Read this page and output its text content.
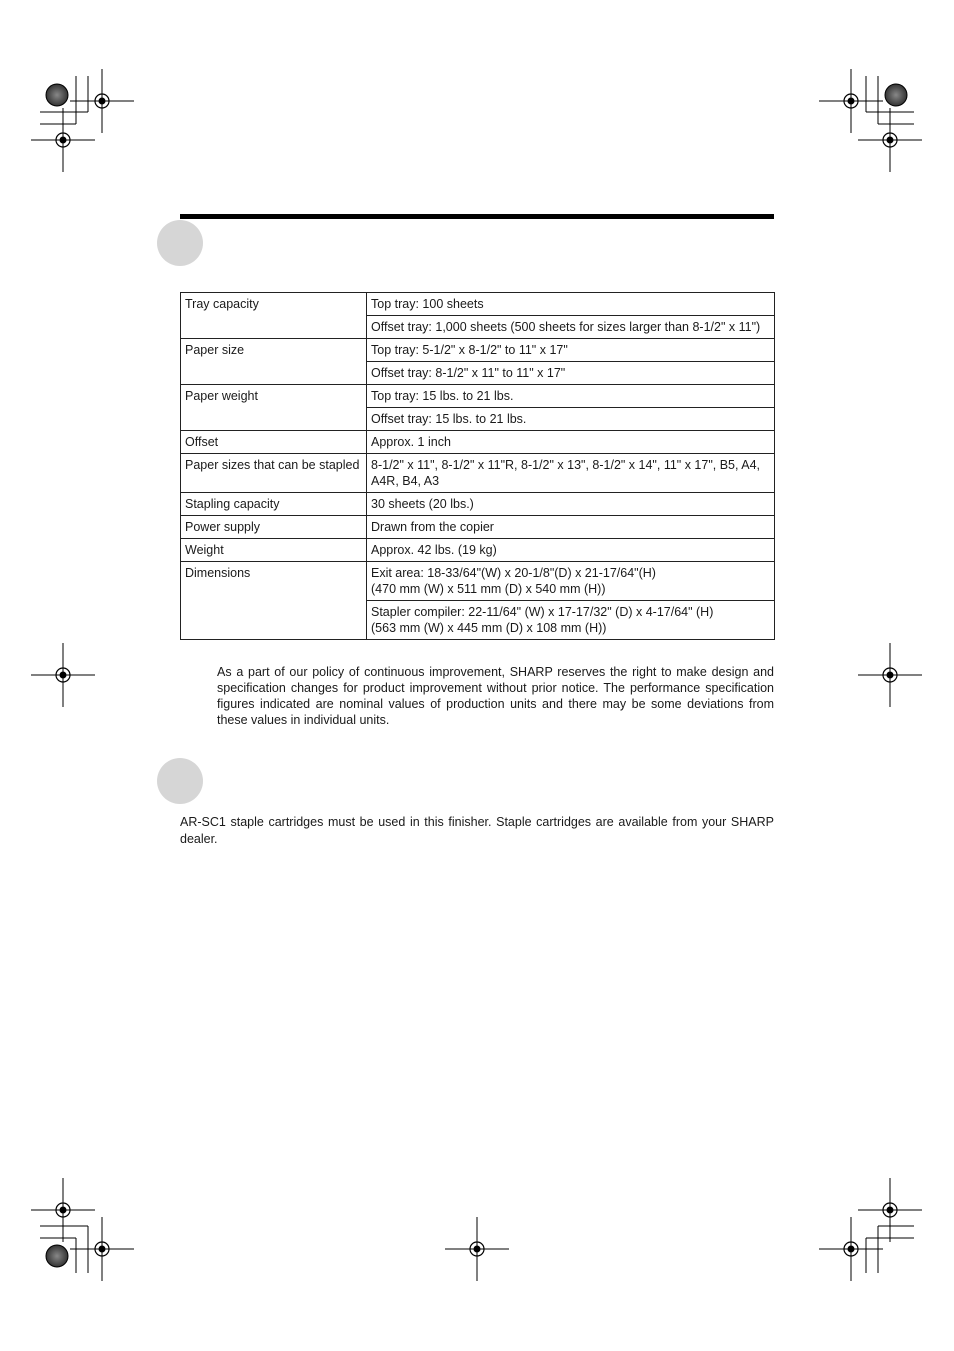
Tray capacity	Top tray: 100 sheets
	Offset tray: 1,000 sheets (500 sheets for sizes larger than 8-1/2" x 11")
Paper size	Top tray: 5-1/2" x 8-1/2" to 11" x 17"
	Offset tray: 8-1/2" x 11" to 11" x 17"
Paper weight	Top tray: 15 lbs. to 21 lbs.
	Offset tray: 15 lbs. to 21 lbs.
Offset	Approx. 1 inch
Paper sizes that can be stapled	8-1/2" x 11", 8-1/2" x 11"R, 8-1/2" x 13", 8-1/2" x 14", 11" x 17", B5, A4, A4R, B4, A3
Stapling capacity	30 sheets (20 lbs.)
Power supply	Drawn from the copier
Weight	Approx. 42 lbs. (19 kg)
Dimensions	Exit area: 18-33/64"(W) x 20-1/8"(D) x 21-17/64"(H)
(470 mm (W) x 511 mm (D) x 540 mm (H))
	Stapler compiler: 22-11/64" (W) x 17-17/32" (D) x 4-17/64" (H)
(563 mm (W) x 445 mm (D) x 108 mm (H))
As a part of our policy of continuous improvement, SHARP reserves the right to make design and specification changes for product improvement without prior notice. The performance specification figures indicated are nominal values of production units and there may be some deviations from these values in individual units.
AR-SC1 staple cartridges must be used in this finisher. Staple cartridges are available from your SHARP dealer.
